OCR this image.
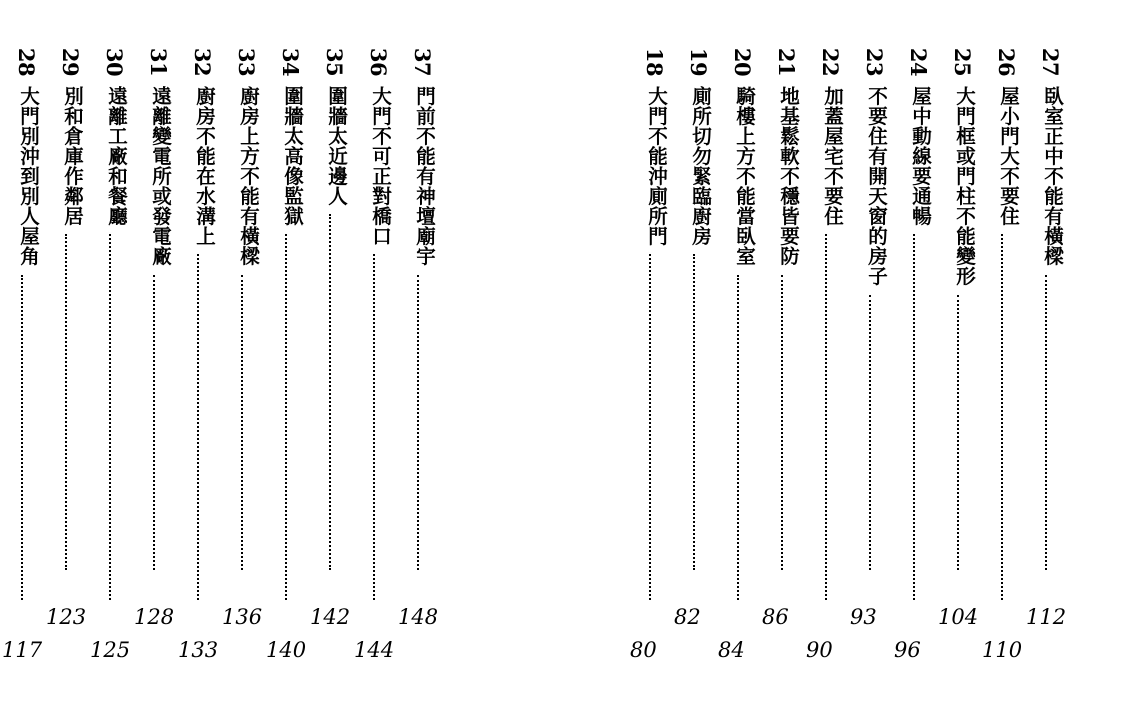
37
門前不能有神壇廟宇
148
36
大門不可正對橋口
144
35
圍牆太近邊人
142
34
圍牆太高像監獄
140
33
廚房上方不能有橫樑
136
32
廚房不能在水溝上
133
31
遠離變電所或發電廠
128
30
遠離工廠和餐廳
125
29
別和倉庫作鄰居
123
28
大門別沖到別人屋角
117
27
臥室正中不能有橫樑
112
26
屋小門大不要住
110
25
大門框或門柱不能變形
104
24
屋中動線要通暢
96
23
不要住有開天窗的房子
93
22
加蓋屋宅不要住
90
21
地基鬆軟不穩皆要防
86
20
騎樓上方不能當臥室
84
19
廁所切勿緊臨廚房
82
18
大門不能沖廁所門
80
